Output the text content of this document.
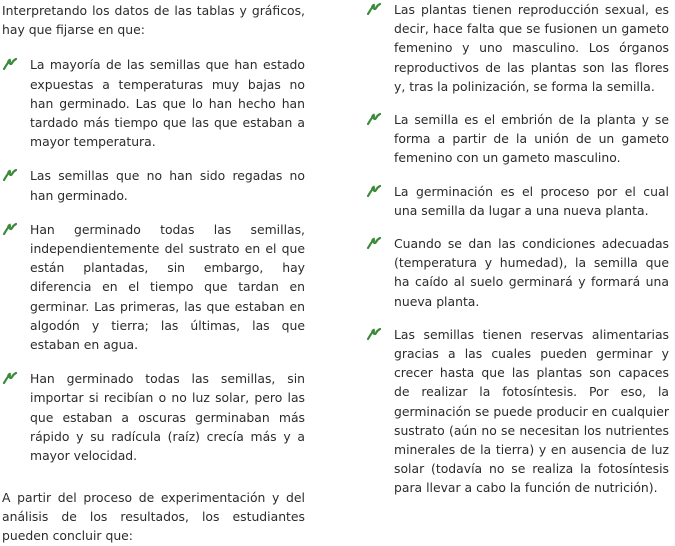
Interpretando los datos de las tablas y gráficos, hay que fijarse en que:

La mayoría de las semillas que han estado expuestas a temperaturas muy bajas no han germinado. Las que lo han hecho han tardado más tiempo que las que estaban a mayor temperatura.
Las semillas que no han sido regadas no han germinado.
Han germinado todas las semillas, independientemente del sustrato en el que están plantadas, sin embargo, hay diferencia en el tiempo que tardan en germinar. Las primeras, las que estaban en algodón y tierra; las últimas, las que estaban en agua.
Han germinado todas las semillas, sin importar si recibían o no luz solar, pero las que estaban a oscuras germinaban más rápido y su radícula (raíz) crecía más y a mayor velocidad.

A partir del proceso de experimentación y del análisis de los resultados, los estudiantes pueden concluir que:

Las plantas tienen reproducción sexual, es decir, hace falta que se fusionen un gameto femenino y uno masculino. Los órganos reproductivos de las plantas son las flores y, tras la polinización, se forma la semilla.
La semilla es el embrión de la planta y se forma a partir de la unión de un gameto femenino con un gameto masculino.
La germinación es el proceso por el cual una semilla da lugar a una nueva planta.
Cuando se dan las condiciones adecuadas (temperatura y humedad), la semilla que ha caído al suelo germinará y formará una nueva planta.
Las semillas tienen reservas alimentarias gracias a las cuales pueden germinar y crecer hasta que las plantas son capaces de realizar la fotosíntesis. Por eso, la germinación se puede producir en cualquier sustrato (aún no se necesitan los nutrientes minerales de la tierra) y en ausencia de luz solar (todavía no se realiza la fotosíntesis para llevar a cabo la función de nutrición).
